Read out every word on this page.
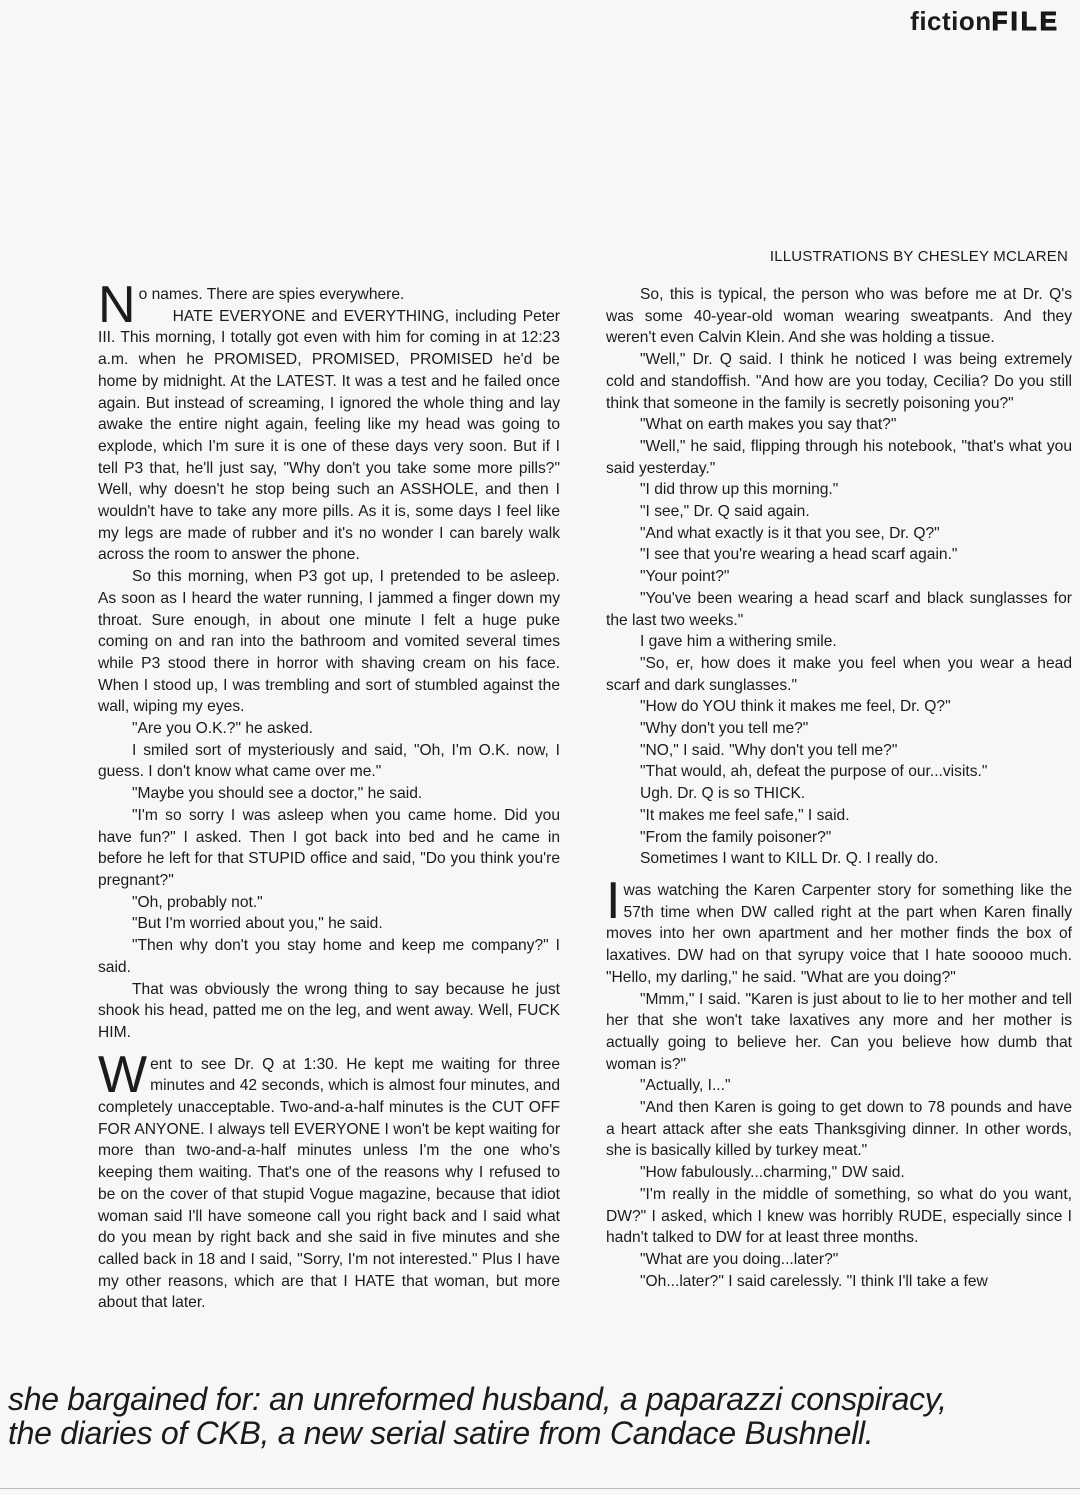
fictionFILE
ILLUSTRATIONS BY CHESLEY MCLAREN

No names. There are spies everywhere.

HATE EVERYONE and EVERYTHING, including Peter III. This morning, I totally got even with him for coming in at 12:23 a.m. when he PROMISED, PROMISED, PROMISED he'd be home by midnight. At the LATEST. It was a test and he failed once again. But instead of screaming, I ignored the whole thing and lay awake the entire night again, feeling like my head was going to explode, which I'm sure it is one of these days very soon. But if I tell P3 that, he'll just say, "Why don't you take some more pills?" Well, why doesn't he stop being such an ASSHOLE, and then I wouldn't have to take any more pills. As it is, some days I feel like my legs are made of rubber and it's no wonder I can barely walk across the room to answer the phone.

So this morning, when P3 got up, I pretended to be asleep. As soon as I heard the water running, I jammed a finger down my throat. Sure enough, in about one minute I felt a huge puke coming on and ran into the bathroom and vomited several times while P3 stood there in horror with shaving cream on his face. When I stood up, I was trembling and sort of stumbled against the wall, wiping my eyes.

"Are you O.K.?" he asked.

I smiled sort of mysteriously and said, "Oh, I'm O.K. now, I guess. I don't know what came over me."

"Maybe you should see a doctor," he said.

"I'm so sorry I was asleep when you came home. Did you have fun?" I asked. Then I got back into bed and he came in before he left for that STUPID office and said, "Do you think you're pregnant?"

"Oh, probably not."

"But I'm worried about you," he said.

"Then why don't you stay home and keep me company?" I said.

That was obviously the wrong thing to say because he just shook his head, patted me on the leg, and went away. Well, FUCK HIM.

Went to see Dr. Q at 1:30. He kept me waiting for three minutes and 42 seconds, which is almost four minutes, and completely unacceptable. Two-and-a-half minutes is the CUT OFF FOR ANYONE. I always tell EVERYONE I won't be kept waiting for more than two-and-a-half minutes unless I'm the one who's keeping them waiting. That's one of the reasons why I refused to be on the cover of that stupid Vogue magazine, because that idiot woman said I'll have someone call you right back and I said what do you mean by right back and she said in five minutes and she called back in 18 and I said, "Sorry, I'm not interested." Plus I have my other reasons, which are that I HATE that woman, but more about that later.

So, this is typical, the person who was before me at Dr. Q's was some 40-year-old woman wearing sweatpants. And they weren't even Calvin Klein. And she was holding a tissue.

"Well," Dr. Q said. I think he noticed I was being extremely cold and standoffish. "And how are you today, Cecilia? Do you still think that someone in the family is secretly poisoning you?"

"What on earth makes you say that?"

"Well," he said, flipping through his notebook, "that's what you said yesterday."

"I did throw up this morning."

"I see," Dr. Q said again.

"And what exactly is it that you see, Dr. Q?"

"I see that you're wearing a head scarf again."

"Your point?"

"You've been wearing a head scarf and black sunglasses for the last two weeks."

I gave him a withering smile.

"So, er, how does it make you feel when you wear a head scarf and dark sunglasses."

"How do YOU think it makes me feel, Dr. Q?"

"Why don't you tell me?"

"NO," I said. "Why don't you tell me?"

"That would, ah, defeat the purpose of our...visits."

Ugh. Dr. Q is so THICK.

"It makes me feel safe," I said.

"From the family poisoner?"

Sometimes I want to KILL Dr. Q. I really do.

I was watching the Karen Carpenter story for something like the 57th time when DW called right at the part when Karen finally moves into her own apartment and her mother finds the box of laxatives. DW had on that syrupy voice that I hate sooooo much. "Hello, my darling," he said. "What are you doing?"

"Mmm," I said. "Karen is just about to lie to her mother and tell her that she won't take laxatives any more and her mother is actually going to believe her. Can you believe how dumb that woman is?"

"Actually, I..."

"And then Karen is going to get down to 78 pounds and have a heart attack after she eats Thanksgiving dinner. In other words, she is basically killed by turkey meat."

"How fabulously...charming," DW said.

"I'm really in the middle of something, so what do you want, DW?" I asked, which I knew was horribly RUDE, especially since I hadn't talked to DW for at least three months.

"What are you doing...later?"

"Oh...later?" I said carelessly. "I think I'll take a few

she bargained for: an unreformed husband, a paparazzi conspiracy,
the diaries of CKB, a new serial satire from Candace Bushnell.
